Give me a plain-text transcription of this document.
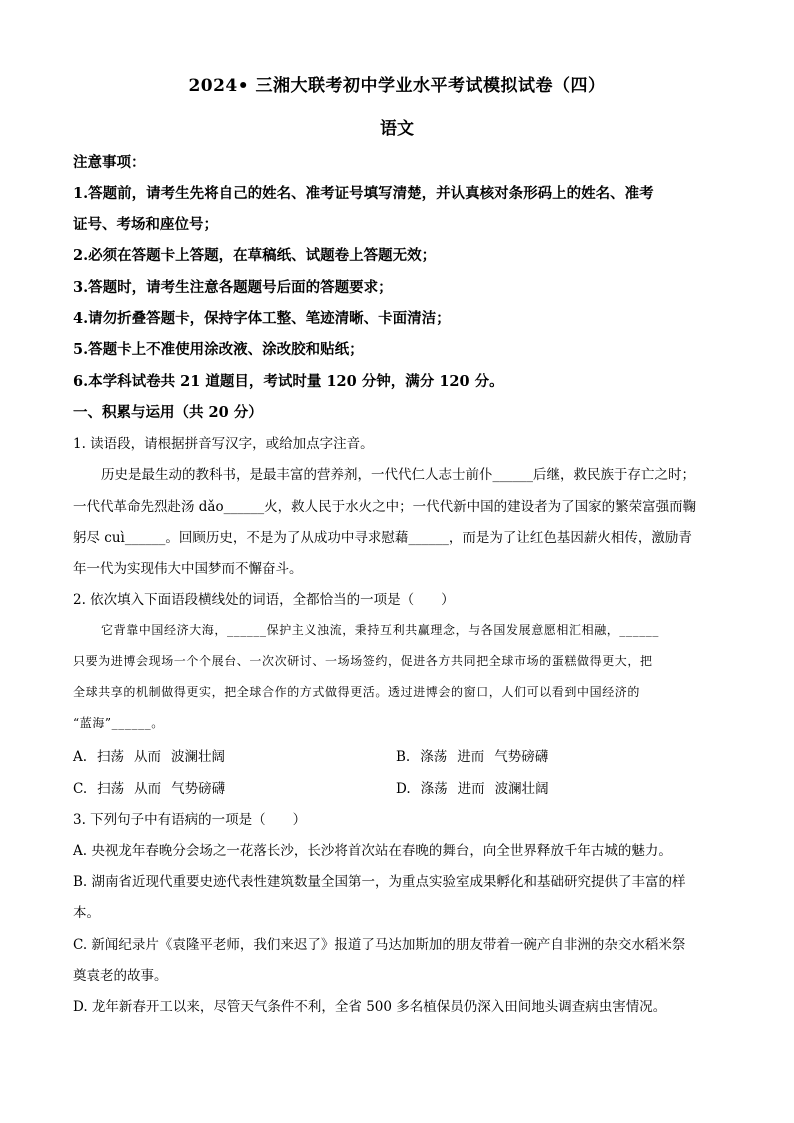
2024• 三湘大联考初中学业水平考试模拟试卷（四）
语文
注意事项：
1.答题前，请考生先将自己的姓名、准考证号填写清楚，并认真核对条形码上的姓名、准考
证号、考场和座位号；
2.必须在答题卡上答题，在草稿纸、试题卷上答题无效；
3.答题时，请考生注意各题题号后面的答题要求；
4.请勿折叠答题卡，保持字体工整、笔迹清晰、卡面清洁；
5.答题卡上不准使用涂改液、涂改胶和贴纸；
6.本学科试卷共 21 道题目，考试时量 120 分钟，满分 120 分。
一、积累与运用（共 20 分）
1. 读语段，请根据拼音写汉字，或给加点字注音。
历史是最生动的教科书，是最丰富的营养剂，一代代仁人志士前仆______后继，救民族于存亡之时；
一代代革命先烈赴汤 dǎo______火，救人民于水火之中；一代代新中国的建设者为了国家的繁荣富强而鞠
躬尽 cuì______。回顾历史，不是为了从成功中寻求慰藉______，而是为了让红色基因薪火相传，激励青
年一代为实现伟大中国梦而不懈奋斗。
2. 依次填入下面语段横线处的词语，全都恰当的一项是（　　）
它背靠中国经济大海，______保护主义浊流，秉持互利共赢理念，与各国发展意愿相汇相融，______
只要为进博会现场一个个展台、一次次研讨、一场场签约，促进各方共同把全球市场的蛋糕做得更大，把
全球共享的机制做得更实，把全球合作的方式做得更活。透过进博会的窗口，人们可以看到中国经济的
“蓝海”______。
A. 扫荡 从而 波澜壮阔	B. 涤荡 进而 气势磅礴
C. 扫荡 从而 气势磅礴	D. 涤荡 进而 波澜壮阔
3. 下列句子中有语病的一项是（　　）
A. 央视龙年春晚分会场之一花落长沙，长沙将首次站在春晚的舞台，向全世界释放千年古城的魅力。
B. 湖南省近现代重要史迹代表性建筑数量全国第一，为重点实验室成果孵化和基础研究提供了丰富的样
本。
C. 新闻纪录片《袁隆平老师，我们来迟了》报道了马达加斯加的朋友带着一碗产自非洲的杂交水稻米祭
奠袁老的故事。
D. 龙年新春开工以来，尽管天气条件不利，全省 500 多名植保员仍深入田间地头调查病虫害情况。
